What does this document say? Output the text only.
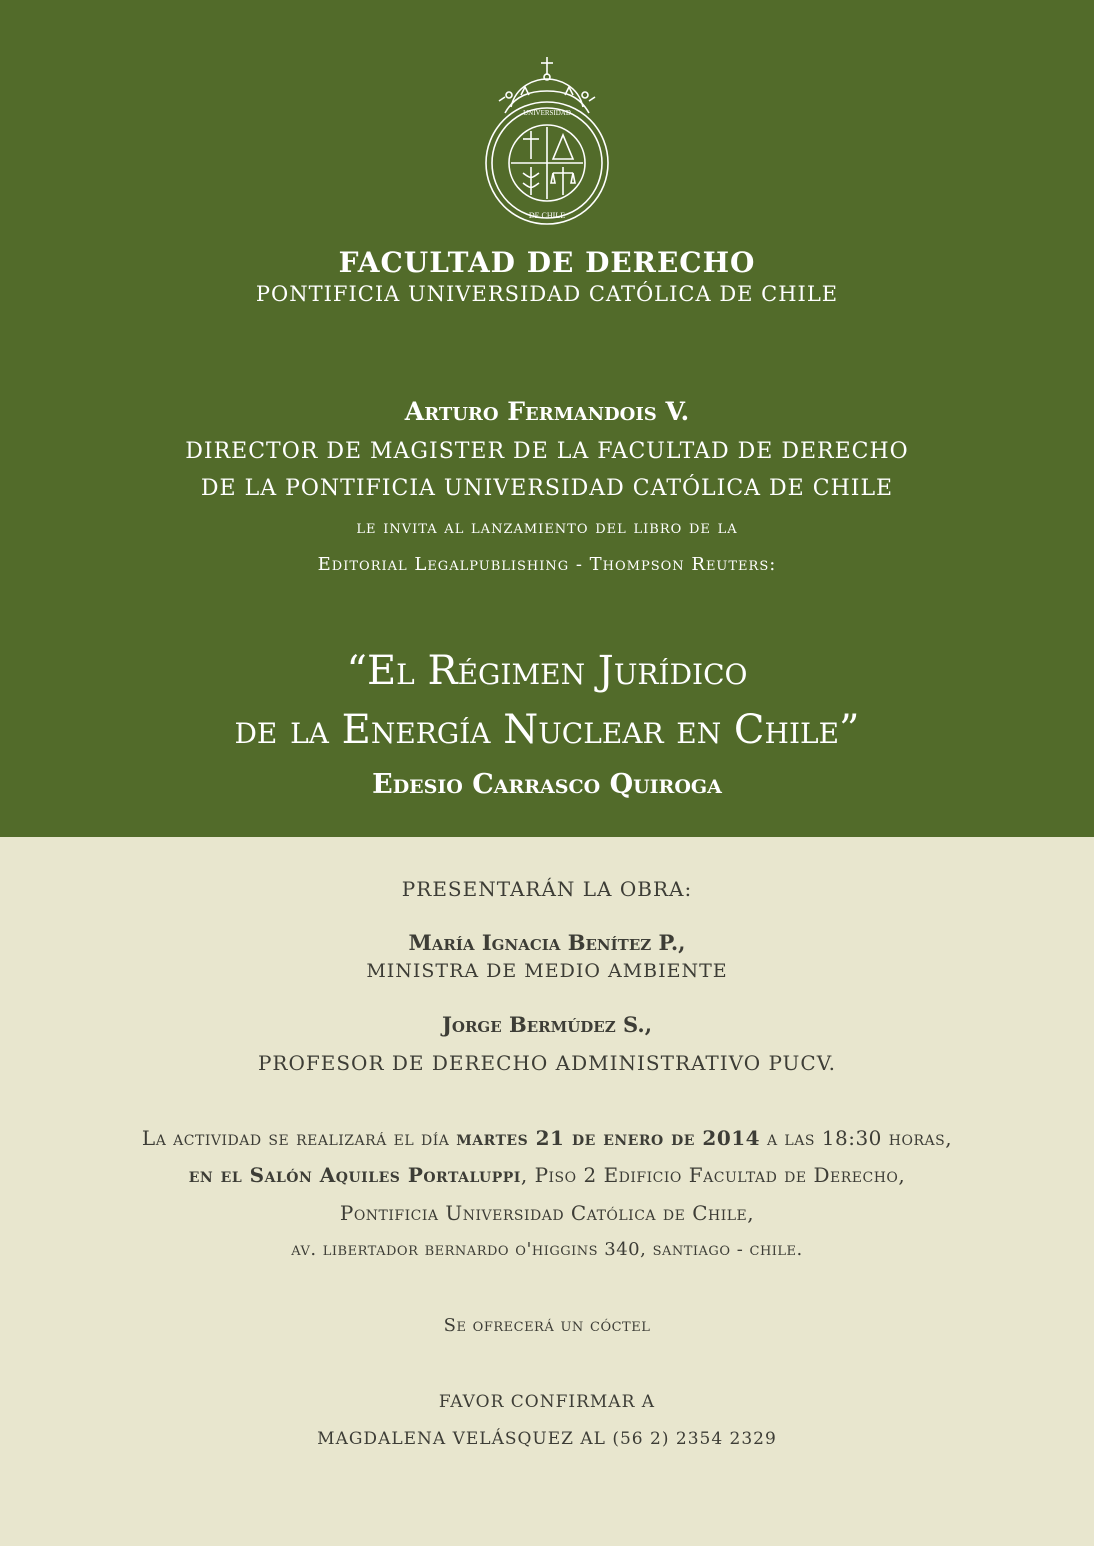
UNIVERSIDAD
DE CHILE
FACULTAD DE DERECHO
PONTIFICIA UNIVERSIDAD CATÓLICA DE CHILE
Arturo Fermandois V.
DIRECTOR DE MAGISTER DE LA FACULTAD DE DERECHO
DE LA PONTIFICIA UNIVERSIDAD CATÓLICA DE CHILE
le invita al lanzamiento del libro de la
Editorial Legalpublishing - Thompson Reuters:
“El Régimen Jurídico
de la Energía Nuclear en Chile”
Edesio Carrasco Quiroga
PRESENTARÁN LA OBRA:
María Ignacia Benítez P.,
MINISTRA DE MEDIO AMBIENTE
Jorge Bermúdez S.,
PROFESOR DE DERECHO ADMINISTRATIVO PUCV.
La actividad se realizará el día martes 21 de enero de 2014 a las 18:30 horas,
en el Salón Aquiles Portaluppi, Piso 2 Edificio Facultad de Derecho,
Pontificia Universidad Católica de Chile,
av. libertador bernardo o'higgins 340, santiago - chile.
Se ofrecerá un cóctel
FAVOR CONFIRMAR A
MAGDALENA VELÁSQUEZ AL (56 2) 2354 2329
